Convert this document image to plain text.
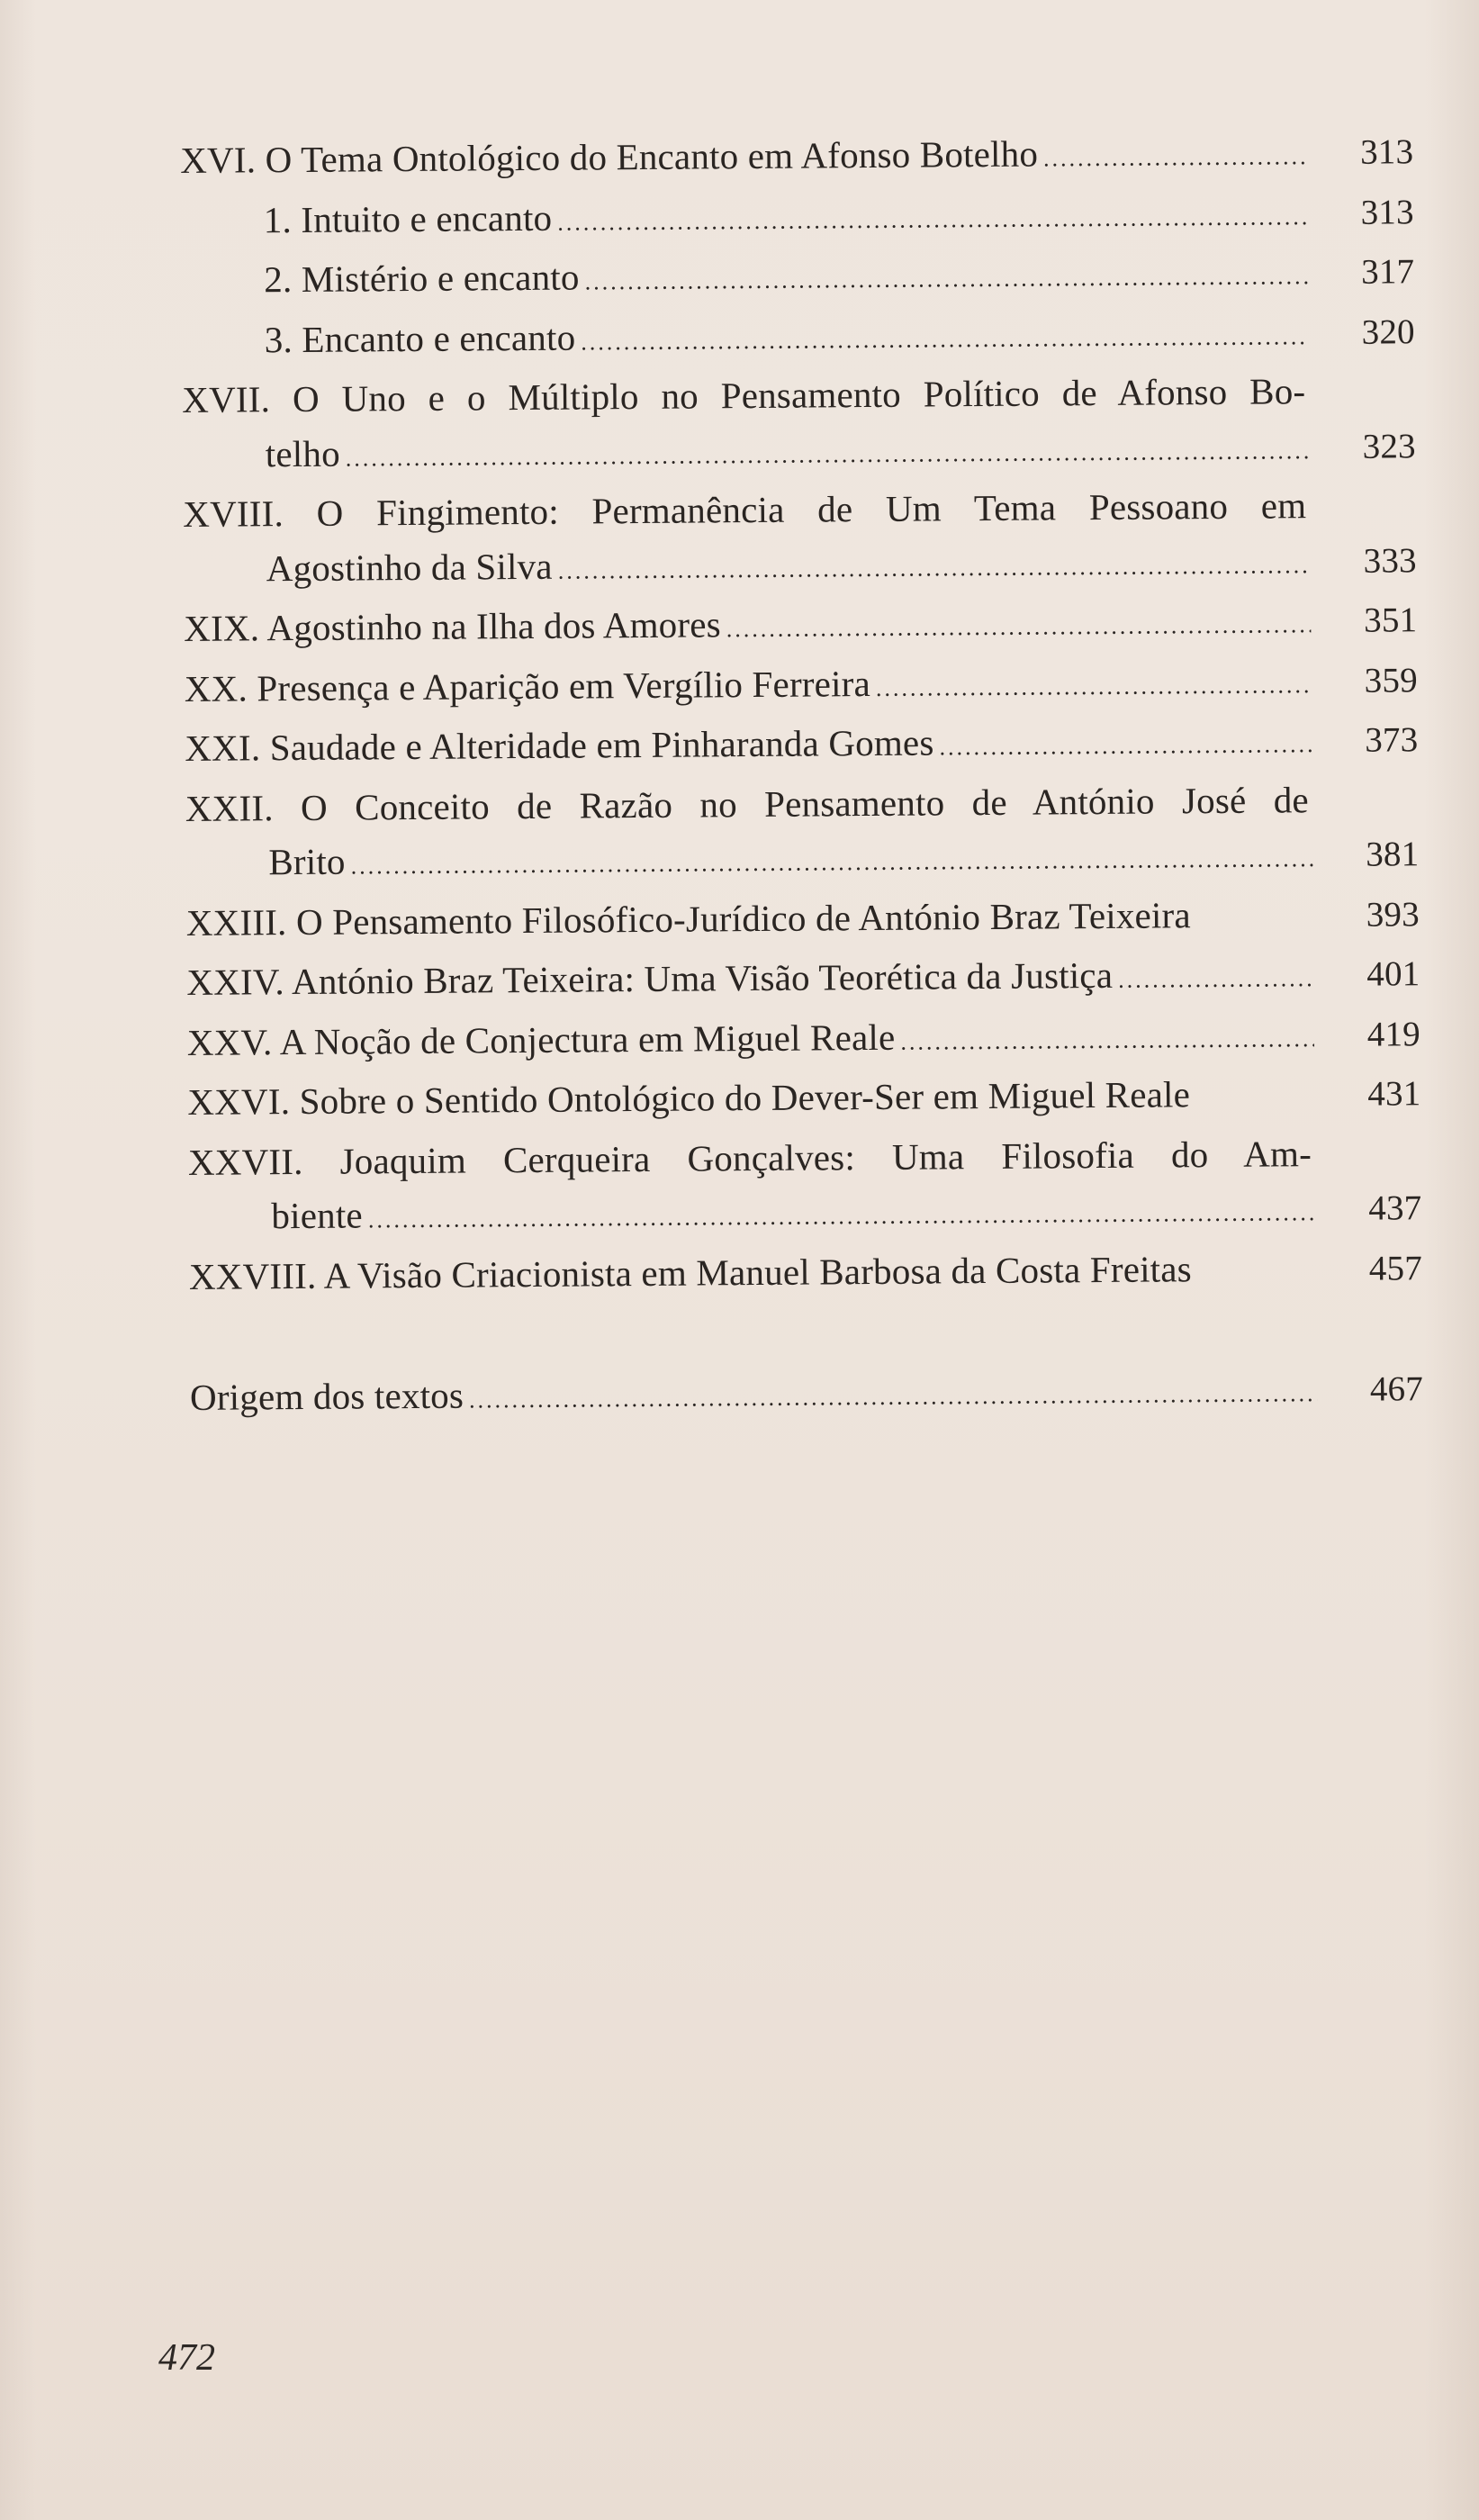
XVI. O Tema Ontológico do Encanto em Afonso Botelho .....	313
1. Intuito e encanto .....	313
2. Mistério e encanto .....	317
3. Encanto e encanto .....	320
XVII. O Uno e o Múltiplo no Pensamento Político de Afonso Bo-
telho .....	323
XVIII. O Fingimento: Permanência de Um Tema Pessoano em
Agostinho da Silva .....	333
XIX. Agostinho na Ilha dos Amores .....	351
XX. Presença e Aparição em Vergílio Ferreira .....	359
XXI. Saudade e Alteridade em Pinharanda Gomes .....	373
XXII. O Conceito de Razão no Pensamento de António José de
Brito .....	381
XXIII. O Pensamento Filosófico-Jurídico de António Braz Teixeira	393
XXIV. António Braz Teixeira: Uma Visão Teorética da Justiça .....	401
XXV. A Noção de Conjectura em Miguel Reale .....	419
XXVI. Sobre o Sentido Ontológico do Dever-Ser em Miguel Reale	431
XXVII. Joaquim Cerqueira Gonçalves: Uma Filosofia do Am-
biente .....	437
XXVIII. A Visão Criacionista em Manuel Barbosa da Costa Freitas	457
Origem dos textos .....	467
472
